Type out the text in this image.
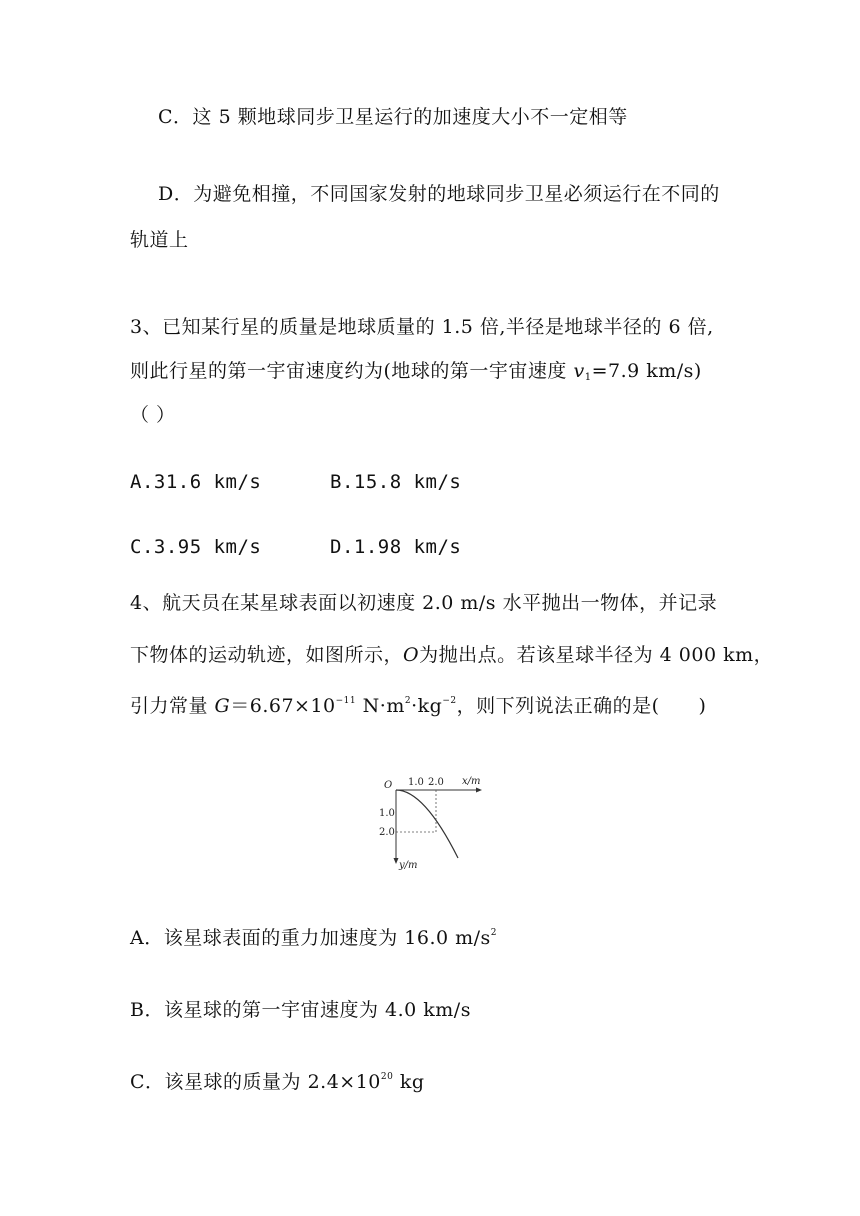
C．这 5 颗地球同步卫星运行的加速度大小不一定相等
D．为避免相撞，不同国家发射的地球同步卫星必须运行在不同的
轨道上
3、已知某行星的质量是地球质量的 1.5 倍,半径是地球半径的 6 倍,
则此行星的第一宇宙速度约为(地球的第一宇宙速度 $v_1=7.9$ km/s)
（ ）
A.31.6 km/s	B.15.8 km/s
C.3.95 km/s	D.1.98 km/s
4、航天员在某星球表面以初速度 2.0 m/s 水平抛出一物体，并记录
下物体的运动轨迹，如图所示，O为抛出点。若该星球半径为 4 000 km，
引力常量 $G=6.67\times 10^{-11}$ $N\cdot m^2\cdot kg^{-2}$，则下列说法正确的是(　　)
O 1.0 2.0 x/m
1.0
2.0
y/m
A．该星球表面的重力加速度为 16.0 $m/s^2$
B．该星球的第一宇宙速度为 4.0 km/s
C．该星球的质量为 $2.4\times 10^{20}$ kg
